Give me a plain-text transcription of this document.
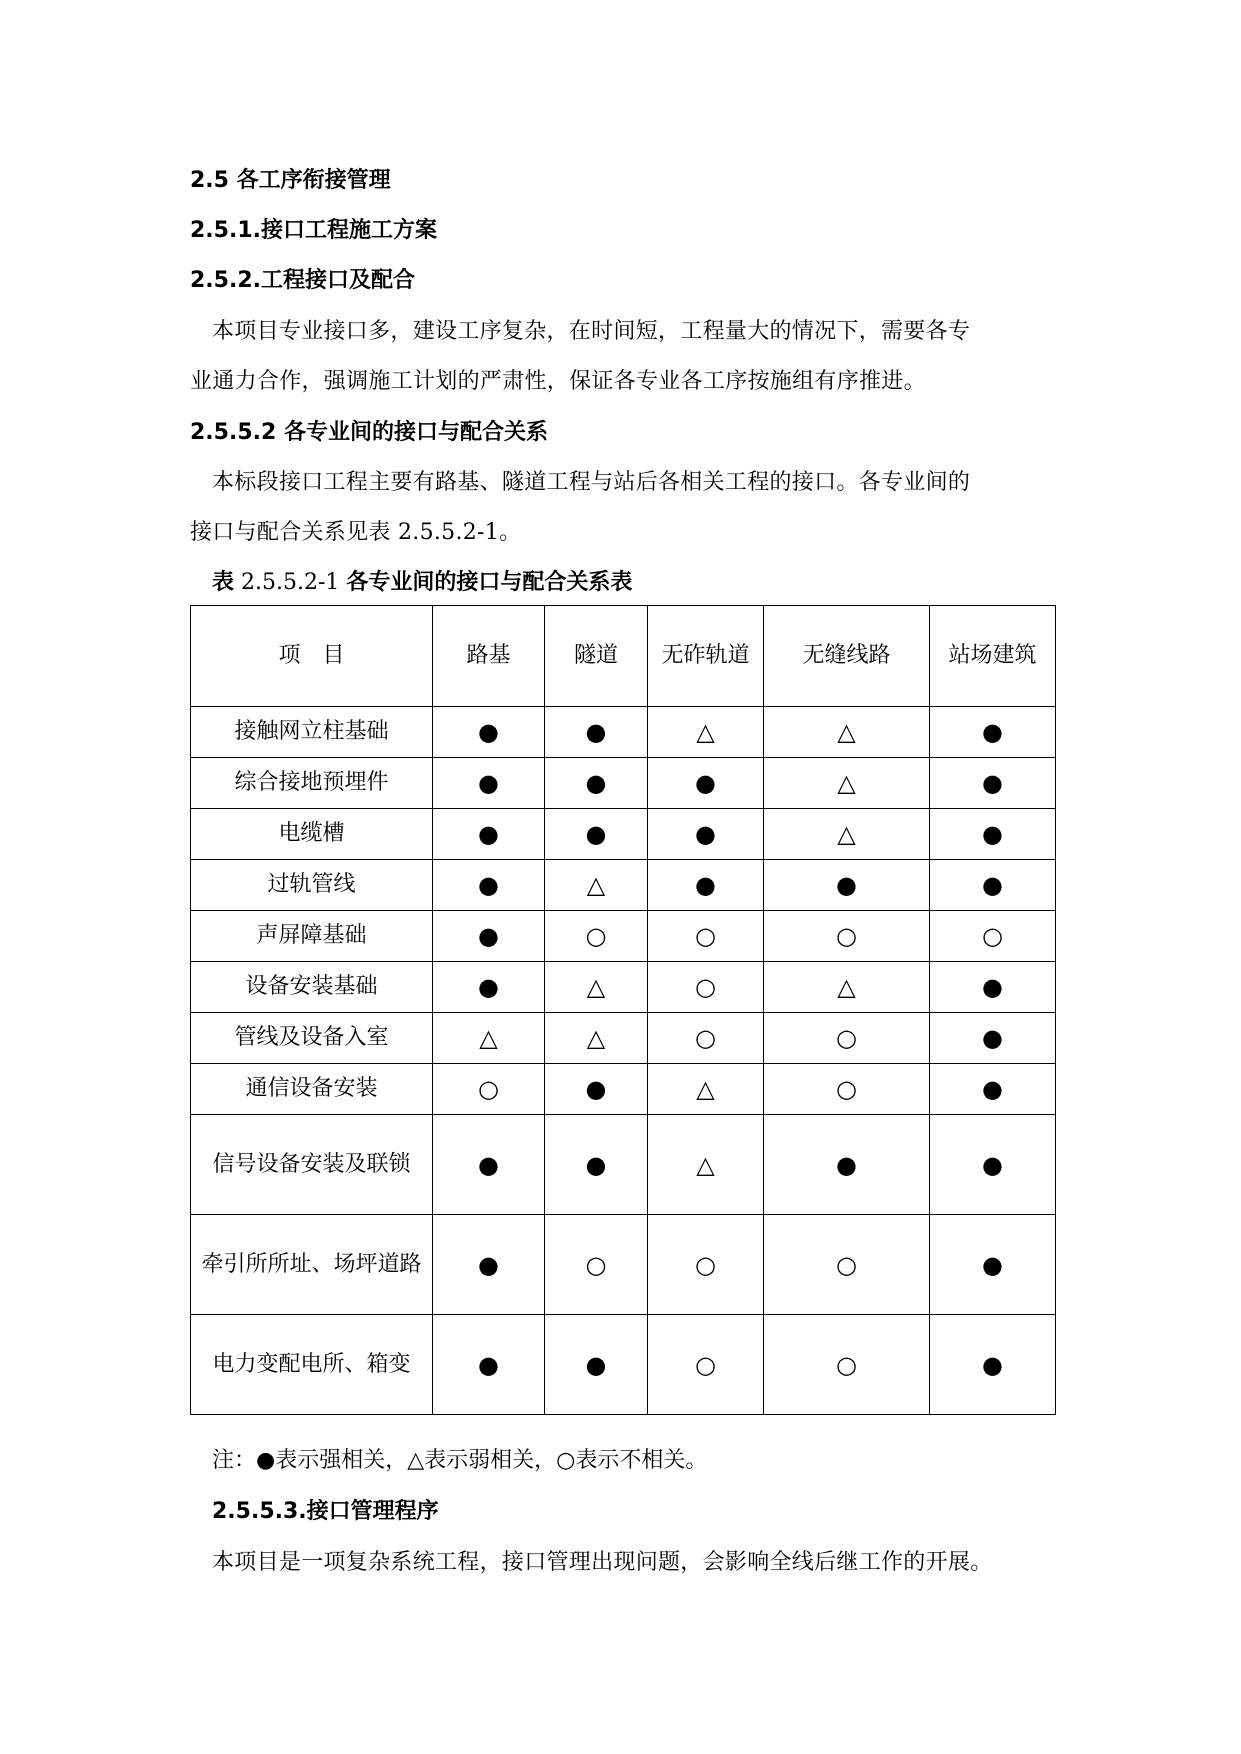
2.5 各工序衔接管理
2.5.1.接口工程施工方案
2.5.2.工程接口及配合
本项目专业接口多，建设工序复杂，在时间短，工程量大的情况下，需要各专
业通力合作，强调施工计划的严肃性，保证各专业各工序按施组有序推进。
2.5.5.2 各专业间的接口与配合关系
本标段接口工程主要有路基、隧道工程与站后各相关工程的接口。各专业间的
接口与配合关系见表 2.5.5.2-1。
表 2.5.5.2-1 各专业间的接口与配合关系表
项　目	路基	隧道	无砟轨道	无缝线路	站场建筑
接触网立柱基础	●	●	△	△	●
综合接地预埋件	●	●	●	△	●
电缆槽	●	●	●	△	●
过轨管线	●	△	●	●	●
声屏障基础	●	○	○	○	○
设备安装基础	●	△	○	△	●
管线及设备入室	△	△	○	○	●
通信设备安装	○	●	△	○	●
信号设备安装及联锁	●	●	△	●	●
牵引所所址、场坪道路	●	○	○	○	●
电力变配电所、箱变	●	●	○	○	●
注：●表示强相关，△表示弱相关，○表示不相关。
2.5.5.3.接口管理程序
本项目是一项复杂系统工程，接口管理出现问题，会影响全线后继工作的开展。
